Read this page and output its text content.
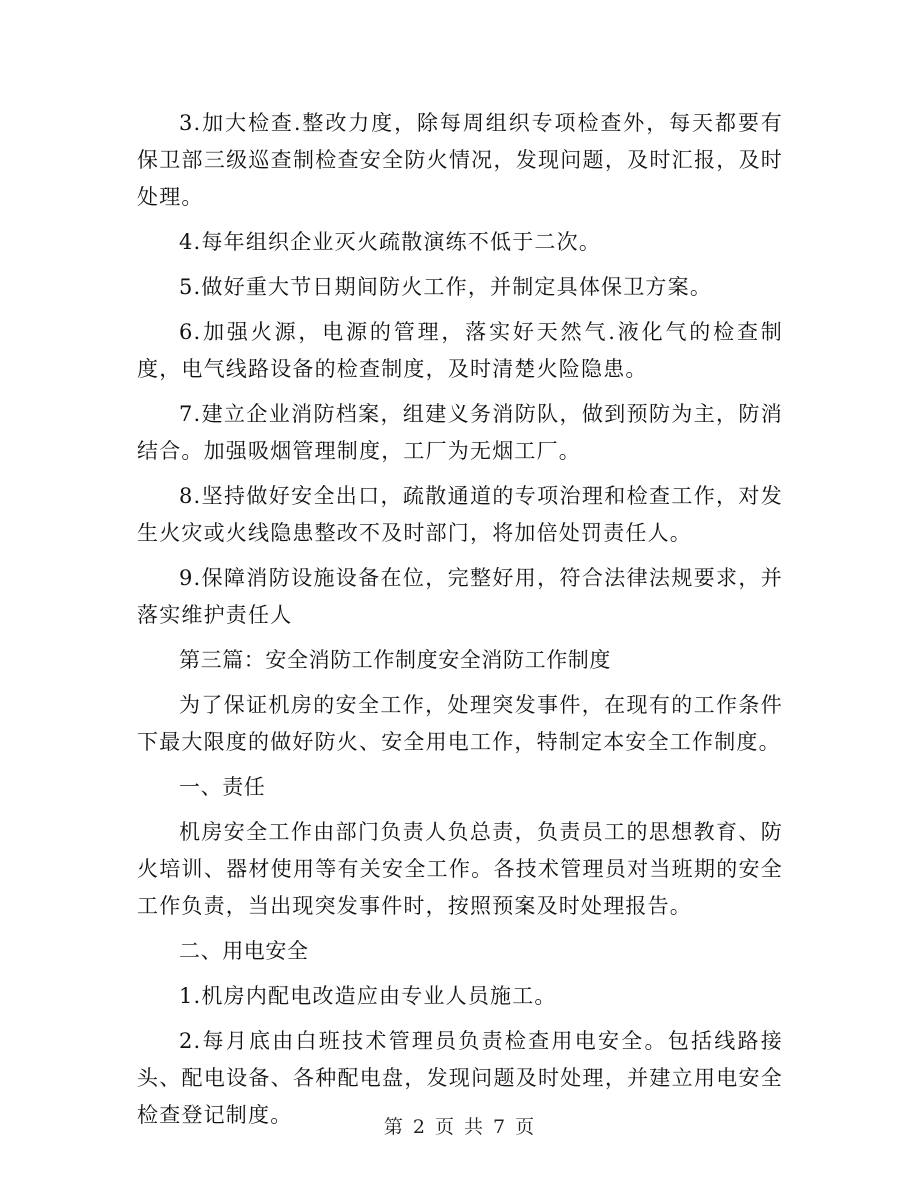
3.加大检查.整改力度，除每周组织专项检查外，每天都要有保卫部三级巡查制检查安全防火情况，发现问题，及时汇报，及时处理。

4.每年组织企业灭火疏散演练不低于二次。

5.做好重大节日期间防火工作，并制定具体保卫方案。

6.加强火源，电源的管理，落实好天然气.液化气的检查制度，电气线路设备的检查制度，及时清楚火险隐患。

7.建立企业消防档案，组建义务消防队，做到预防为主，防消结合。加强吸烟管理制度，工厂为无烟工厂。

8.坚持做好安全出口，疏散通道的专项治理和检查工作，对发生火灾或火线隐患整改不及时部门，将加倍处罚责任人。

9.保障消防设施设备在位，完整好用，符合法律法规要求，并落实维护责任人

第三篇：安全消防工作制度安全消防工作制度

为了保证机房的安全工作，处理突发事件，在现有的工作条件下最大限度的做好防火、安全用电工作，特制定本安全工作制度。

一、责任

机房安全工作由部门负责人负总责，负责员工的思想教育、防火培训、器材使用等有关安全工作。各技术管理员对当班期的安全工作负责，当出现突发事件时，按照预案及时处理报告。

二、用电安全

1.机房内配电改造应由专业人员施工。

2.每月底由白班技术管理员负责检查用电安全。包括线路接头、配电设备、各种配电盘，发现问题及时处理，并建立用电安全检查登记制度。	第 2 页 共 7 页
